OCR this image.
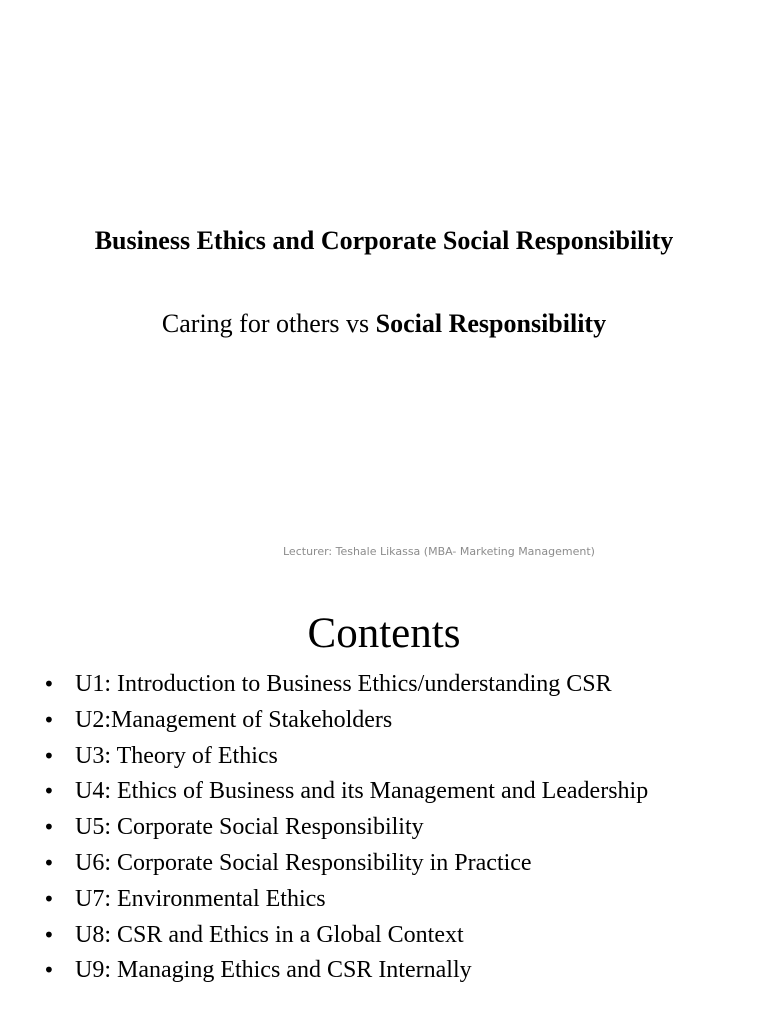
Business Ethics and Corporate Social Responsibility

Caring for others vs Social Responsibility

Lecturer: Teshale Likassa (MBA- Marketing Management)
Contents
• U1: Introduction to Business Ethics/understanding CSR
• U2:Management of Stakeholders
• U3: Theory of Ethics
• U4: Ethics of Business and its Management and Leadership
• U5: Corporate Social Responsibility
• U6: Corporate Social Responsibility in Practice
• U7: Environmental Ethics
• U8: CSR and Ethics in a Global Context
• U9: Managing Ethics and CSR Internally
